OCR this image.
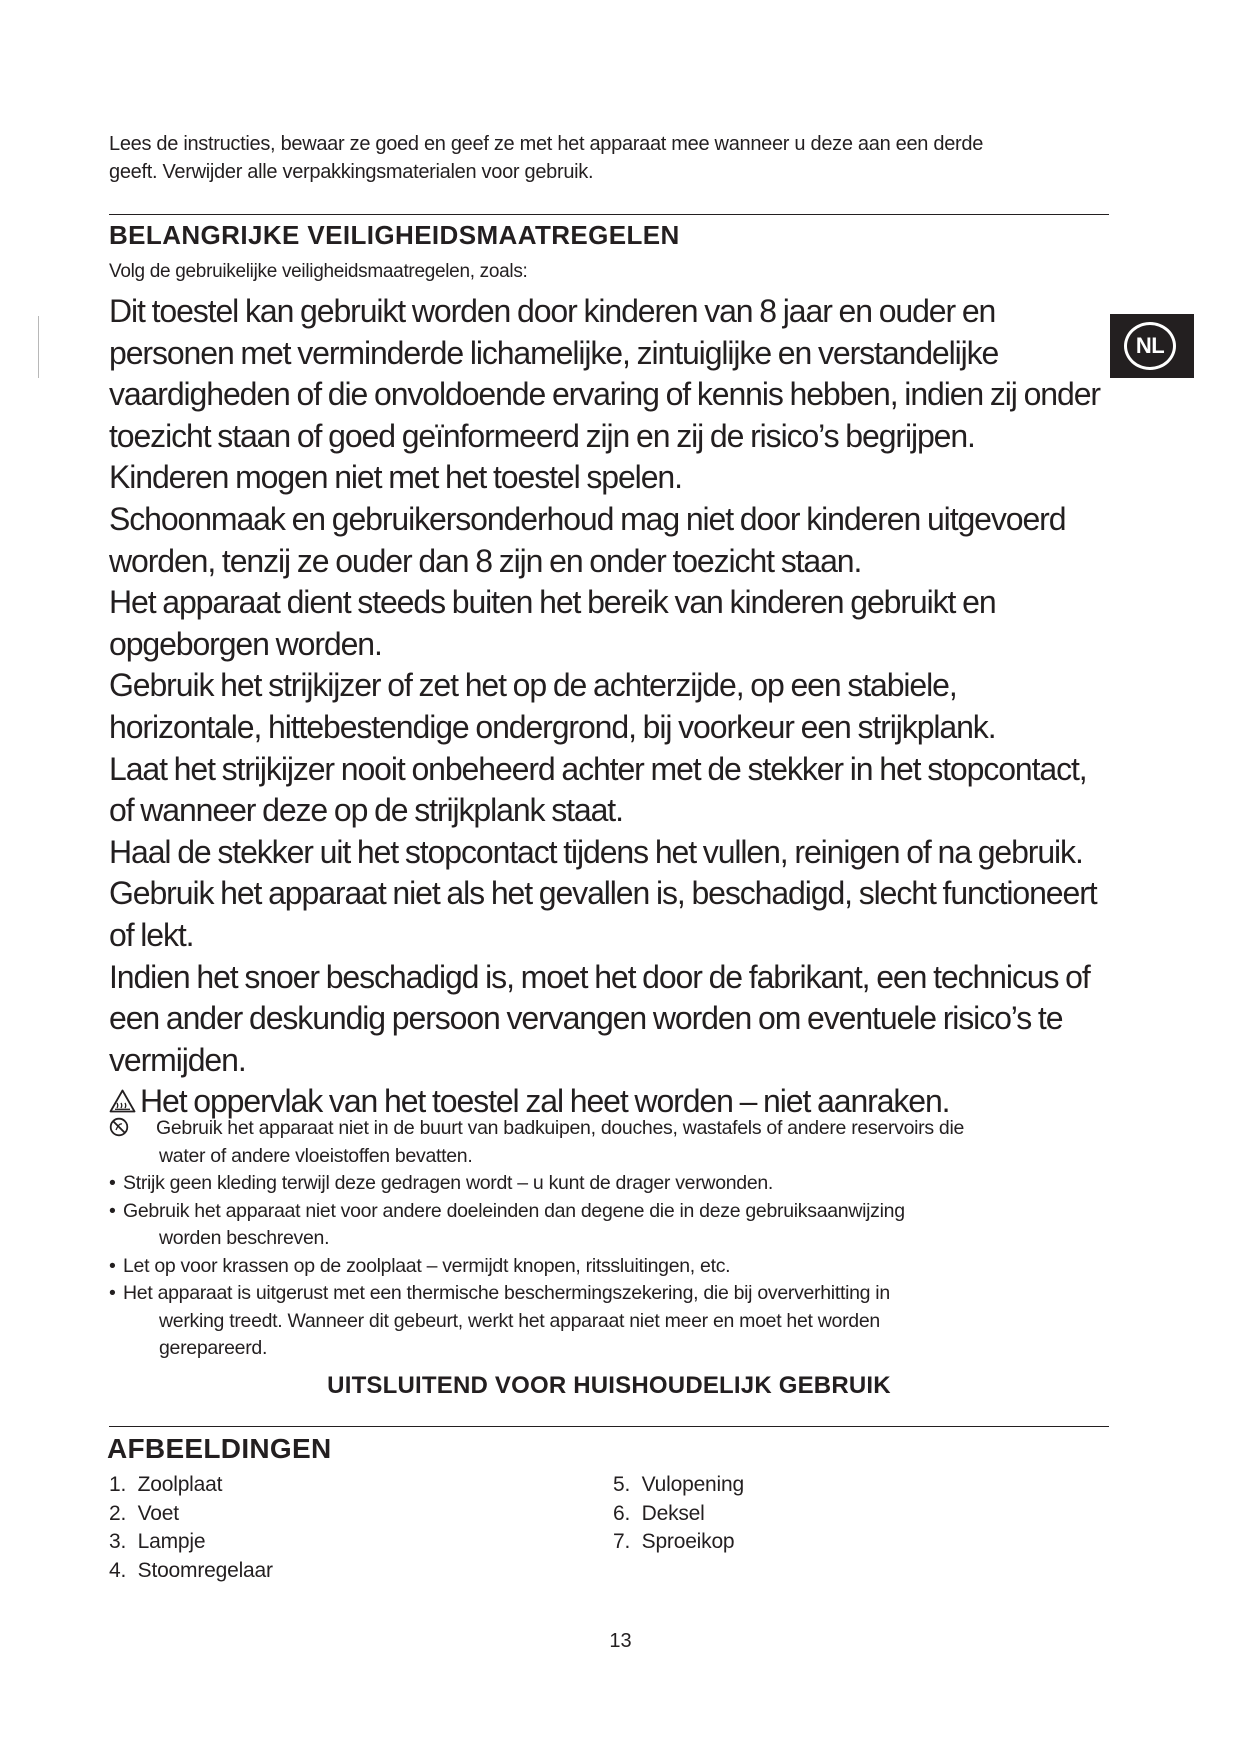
Lees de instructies, bewaar ze goed en geef ze met het apparaat mee wanneer u deze aan een derde
geeft. Verwijder alle verpakkingsmaterialen voor gebruik.
BELANGRIJKE VEILIGHEIDSMAATREGELEN
Volg de gebruikelijke veiligheidsmaatregelen, zoals:

Dit toestel kan gebruikt worden door kinderen van 8 jaar en ouder en
personen met verminderde lichamelijke, zintuiglijke en verstandelijke
vaardigheden of die onvoldoende ervaring of kennis hebben, indien zij onder
toezicht staan of goed geïnformeerd zijn en zij de risico’s begrijpen.

Kinderen mogen niet met het toestel spelen.

Schoonmaak en gebruikersonderhoud mag niet door kinderen uitgevoerd
worden, tenzij ze ouder dan 8 zijn en onder toezicht staan.

Het apparaat dient steeds buiten het bereik van kinderen gebruikt en
opgeborgen worden.

Gebruik het strijkijzer of zet het op de achterzijde, op een stabiele,
horizontale, hittebestendige ondergrond, bij voorkeur een strijkplank.

Laat het strijkijzer nooit onbeheerd achter met de stekker in het stopcontact,
of wanneer deze op de strijkplank staat.

Haal de stekker uit het stopcontact tijdens het vullen, reinigen of na gebruik.

Gebruik het apparaat niet als het gevallen is, beschadigd, slecht functioneert
of lekt.

Indien het snoer beschadigd is, moet het door de fabrikant, een technicus of
een ander deskundig persoon vervangen worden om eventuele risico’s te
vermijden.

Het oppervlak van het toestel zal heet worden – niet aanraken.

Gebruik het apparaat niet in de buurt van badkuipen, douches, wastafels of andere reservoirs die
water of andere vloeistoffen bevatten.
• Strijk geen kleding terwijl deze gedragen wordt – u kunt de drager verwonden.
• Gebruik het apparaat niet voor andere doeleinden dan degene die in deze gebruiksaanwijzing
worden beschreven.
• Let op voor krassen op de zoolplaat – vermijdt knopen, ritssluitingen, etc.
• Het apparaat is uitgerust met een thermische beschermingszekering, die bij oververhitting in
werking treedt. Wanneer dit gebeurt, werkt het apparaat niet meer en moet het worden
gerepareerd.
UITSLUITEND VOOR HUISHOUDELIJK GEBRUIK
AFBEELDINGEN
1. Zoolplaat
2. Voet
3. Lampje
4. Stoomregelaar
5. Vulopening
6. Deksel
7. Sproeikop
NL
13
